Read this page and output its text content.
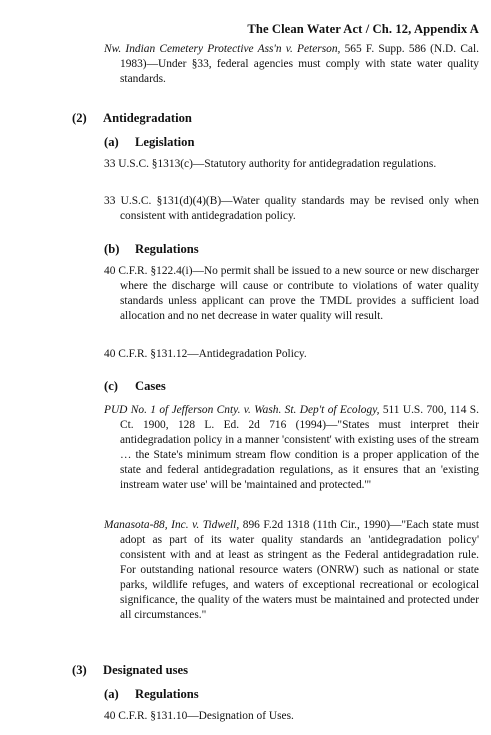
The Clean Water Act / Ch. 12, Appendix A
Nw. Indian Cemetery Protective Ass'n v. Peterson, 565 F. Supp. 586 (N.D. Cal. 1983)—Under §33, federal agencies must comply with state water quality standards.
(2) Antidegradation
(a) Legislation
33 U.S.C. §1313(c)—Statutory authority for antidegradation regulations.
33 U.S.C. §131(d)(4)(B)—Water quality standards may be revised only when consistent with antidegradation policy.
(b) Regulations
40 C.F.R. §122.4(i)—No permit shall be issued to a new source or new discharger where the discharge will cause or contribute to violations of water quality standards unless applicant can prove the TMDL provides a sufficient load allocation and no net decrease in water quality will result.
40 C.F.R. §131.12—Antidegradation Policy.
(c) Cases
PUD No. 1 of Jefferson Cnty. v. Wash. St. Dep't of Ecology, 511 U.S. 700, 114 S. Ct. 1900, 128 L. Ed. 2d 716 (1994)—"States must interpret their antidegradation policy in a manner 'consistent' with existing uses of the stream … the State's minimum stream flow condition is a proper application of the state and federal antidegradation regulations, as it ensures that an 'existing instream water use' will be 'maintained and protected.'"
Manasota-88, Inc. v. Tidwell, 896 F.2d 1318 (11th Cir., 1990)—"Each state must adopt as part of its water quality standards an 'antidegradation policy' consistent with and at least as stringent as the Federal antidegradation rule. For outstanding national resource waters (ONRW) such as national or state parks, wildlife refuges, and waters of exceptional recreational or ecological significance, the quality of the waters must be maintained and protected under all circumstances."
(3) Designated uses
(a) Regulations
40 C.F.R. §131.10—Designation of Uses.
